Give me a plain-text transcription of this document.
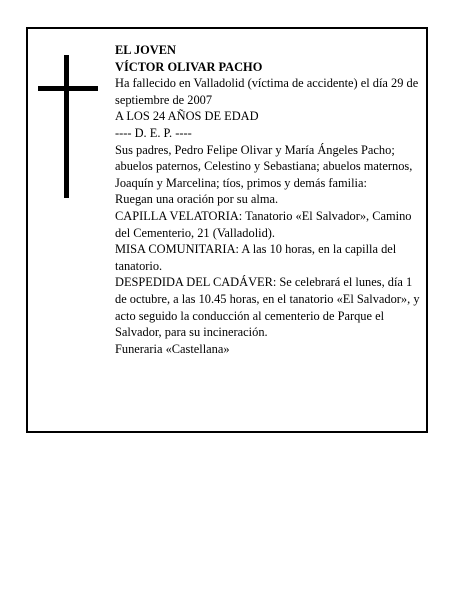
EL JOVEN

VÍCTOR OLIVAR PACHO

Ha fallecido en Valladolid (víctima de accidente) el día 29 de septiembre de 2007

A LOS 24 AÑOS DE EDAD

---- D. E. P. ----

Sus padres, Pedro Felipe Olivar y María Ángeles Pacho; abuelos paternos, Celestino y Sebastiana; abuelos maternos, Joaquín y Marcelina; tíos, primos y demás familia:

Ruegan una oración por su alma.

CAPILLA VELATORIA: Tanatorio «El Salvador», Camino del Cementerio, 21 (Valladolid).

MISA COMUNITARIA: A las 10 horas, en la capilla del tanatorio.

DESPEDIDA DEL CADÁVER: Se celebrará el lunes, día 1 de octubre, a las 10.45 horas, en el tanatorio «El Salvador», y acto seguido la conducción al cementerio de Parque el Salvador, para su incineración.

Funeraria «Castellana»
